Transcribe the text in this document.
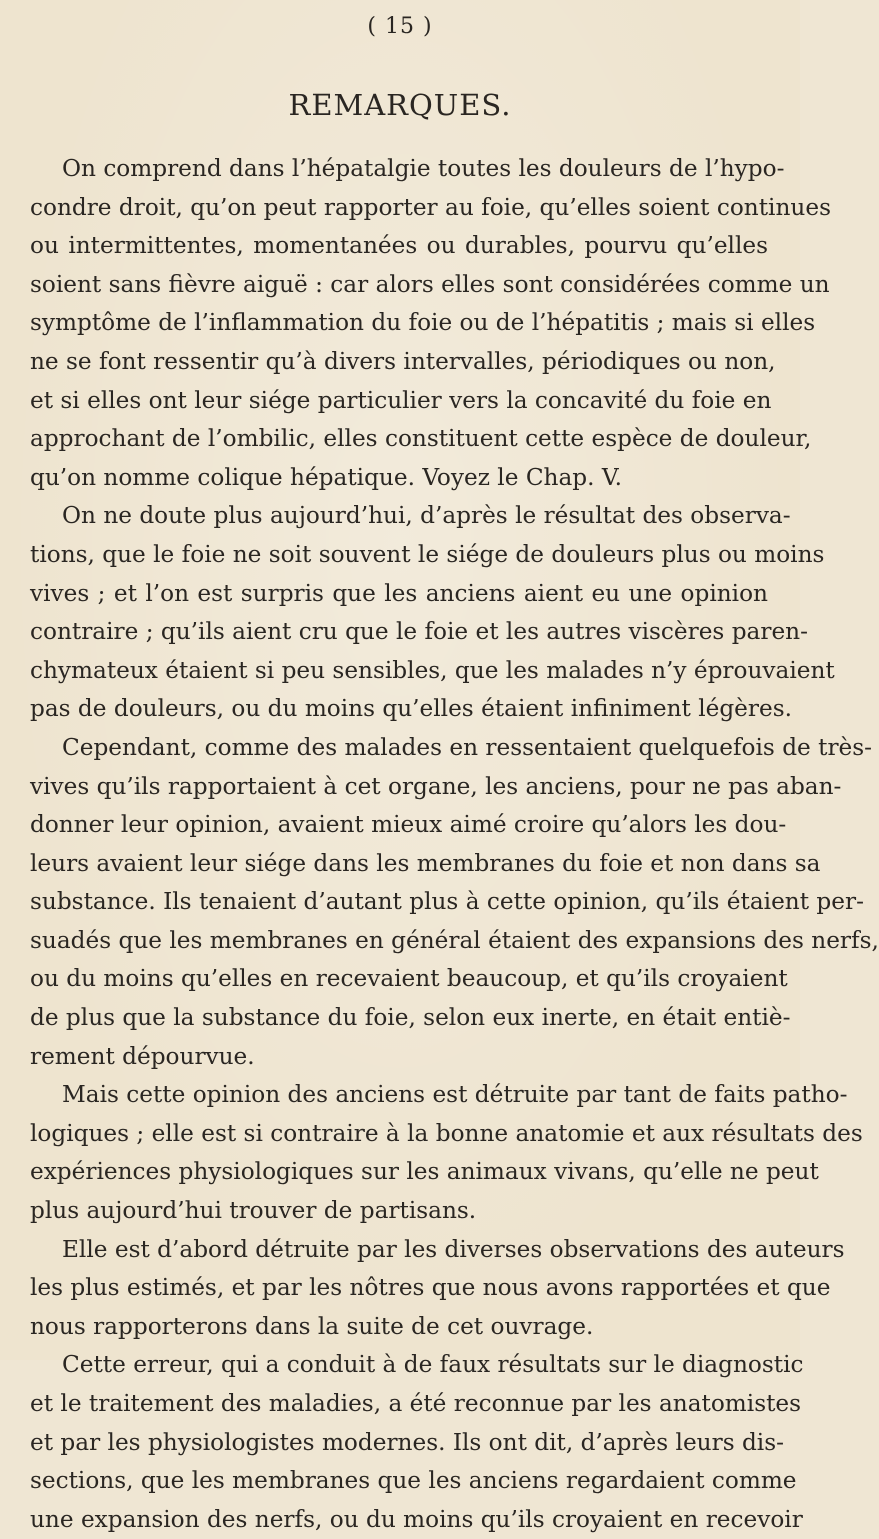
( 15 )
REMARQUES.
On comprend dans l’hépatalgie toutes les douleurs de l’hypo-
condre droit, qu’on peut rapporter au foie, qu’elles soient continues
ou intermittentes, momentanées ou durables, pourvu qu’elles
soient sans fièvre aiguë : car alors elles sont considérées comme un
symptôme de l’inflammation du foie ou de l’hépatitis ; mais si elles
ne se font ressentir qu’à divers intervalles, périodiques ou non,
et si elles ont leur siége particulier vers la concavité du foie en
approchant de l’ombilic, elles constituent cette espèce de douleur,
qu’on nomme colique hépatique. Voyez le Chap. V.
On ne doute plus aujourd’hui, d’après le résultat des observa-
tions, que le foie ne soit souvent le siége de douleurs plus ou moins
vives ; et l’on est surpris que les anciens aient eu une opinion
contraire ; qu’ils aient cru que le foie et les autres viscères paren-
chymateux étaient si peu sensibles, que les malades n’y éprouvaient
pas de douleurs, ou du moins qu’elles étaient infiniment légères.
Cependant, comme des malades en ressentaient quelquefois de très-
vives qu’ils rapportaient à cet organe, les anciens, pour ne pas aban-
donner leur opinion, avaient mieux aimé croire qu’alors les dou-
leurs avaient leur siége dans les membranes du foie et non dans sa
substance. Ils tenaient d’autant plus à cette opinion, qu’ils étaient per-
suadés que les membranes en général étaient des expansions des nerfs,
ou du moins qu’elles en recevaient beaucoup, et qu’ils croyaient
de plus que la substance du foie, selon eux inerte, en était entiè-
rement dépourvue.
Mais cette opinion des anciens est détruite par tant de faits patho-
logiques ; elle est si contraire à la bonne anatomie et aux résultats des
expériences physiologiques sur les animaux vivans, qu’elle ne peut
plus aujourd’hui trouver de partisans.
Elle est d’abord détruite par les diverses observations des auteurs
les plus estimés, et par les nôtres que nous avons rapportées et que
nous rapporterons dans la suite de cet ouvrage.
Cette erreur, qui a conduit à de faux résultats sur le diagnostic
et le traitement des maladies, a été reconnue par les anatomistes
et par les physiologistes modernes. Ils ont dit, d’après leurs dis-
sections, que les membranes que les anciens regardaient comme
une expansion des nerfs, ou du moins qu’ils croyaient en recevoir
